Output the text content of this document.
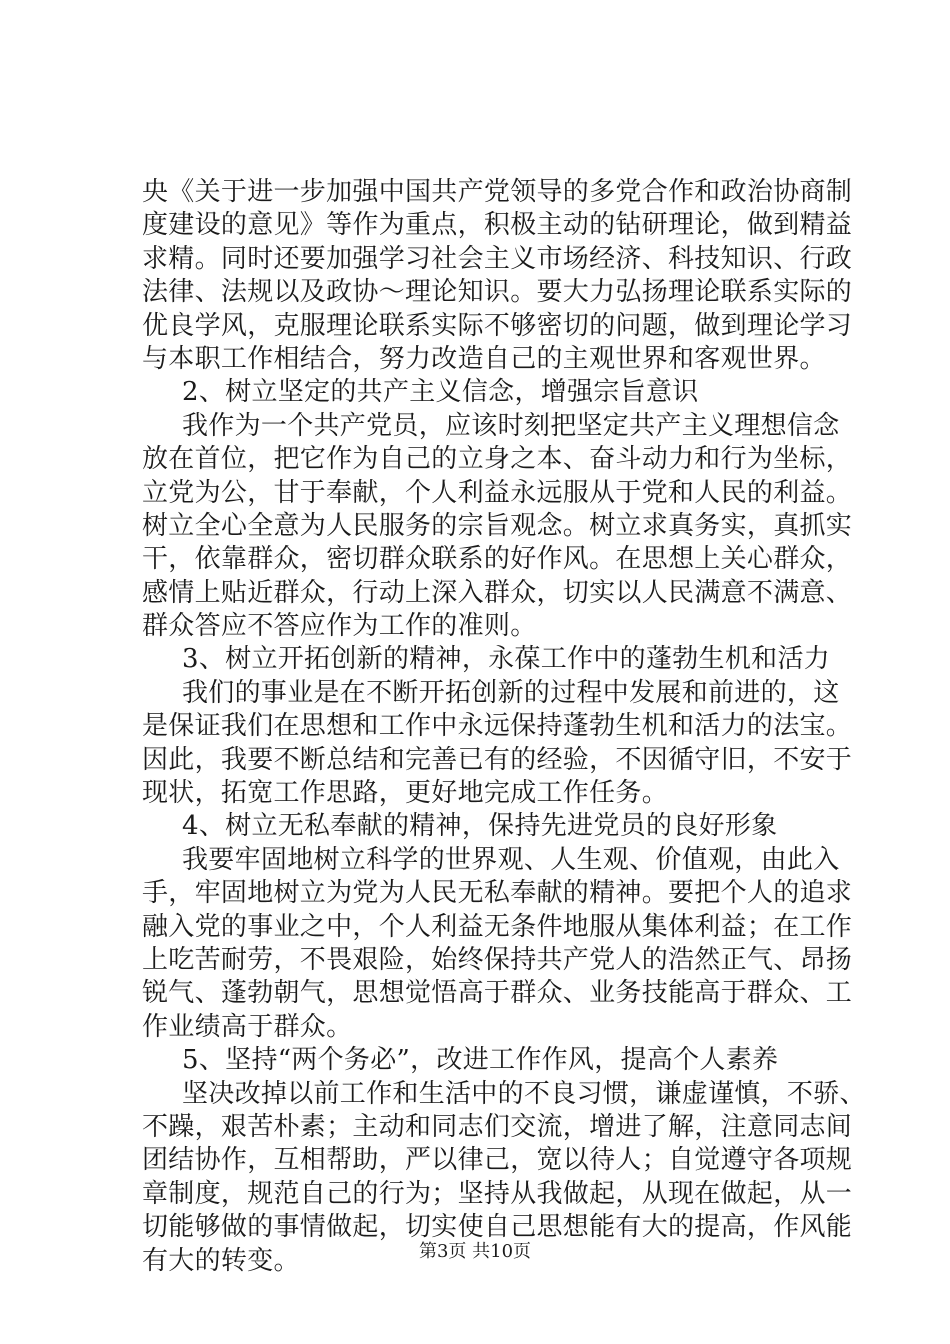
央《关于进一步加强中国共产党领导的多党合作和政治协商制
度建设的意见》等作为重点，积极主动的钻研理论，做到精益
求精。同时还要加强学习社会主义市场经济、科技知识、行政
法律、法规以及政协～理论知识。要大力弘扬理论联系实际的
优良学风，克服理论联系实际不够密切的问题，做到理论学习
与本职工作相结合，努力改造自己的主观世界和客观世界。
2、树立坚定的共产主义信念，增强宗旨意识
我作为一个共产党员，应该时刻把坚定共产主义理想信念
放在首位，把它作为自己的立身之本、奋斗动力和行为坐标，
立党为公，甘于奉献，个人利益永远服从于党和人民的利益。
树立全心全意为人民服务的宗旨观念。树立求真务实，真抓实
干，依靠群众，密切群众联系的好作风。在思想上关心群众，
感情上贴近群众，行动上深入群众，切实以人民满意不满意、
群众答应不答应作为工作的准则。
3、树立开拓创新的精神，永葆工作中的蓬勃生机和活力
我们的事业是在不断开拓创新的过程中发展和前进的，这
是保证我们在思想和工作中永远保持蓬勃生机和活力的法宝。
因此，我要不断总结和完善已有的经验，不因循守旧，不安于
现状，拓宽工作思路，更好地完成工作任务。
4、树立无私奉献的精神，保持先进党员的良好形象
我要牢固地树立科学的世界观、人生观、价值观，由此入
手，牢固地树立为党为人民无私奉献的精神。要把个人的追求
融入党的事业之中，个人利益无条件地服从集体利益；在工作
上吃苦耐劳，不畏艰险，始终保持共产党人的浩然正气、昂扬
锐气、蓬勃朝气，思想觉悟高于群众、业务技能高于群众、工
作业绩高于群众。
5、坚持“两个务必”，改进工作作风，提高个人素养
坚决改掉以前工作和生活中的不良习惯，谦虚谨慎，不骄、
不躁，艰苦朴素；主动和同志们交流，增进了解，注意同志间
团结协作，互相帮助，严以律己，宽以待人；自觉遵守各项规
章制度，规范自己的行为；坚持从我做起，从现在做起，从一
切能够做的事情做起，切实使自己思想能有大的提高，作风能
有大的转变。	第3页 共10页
